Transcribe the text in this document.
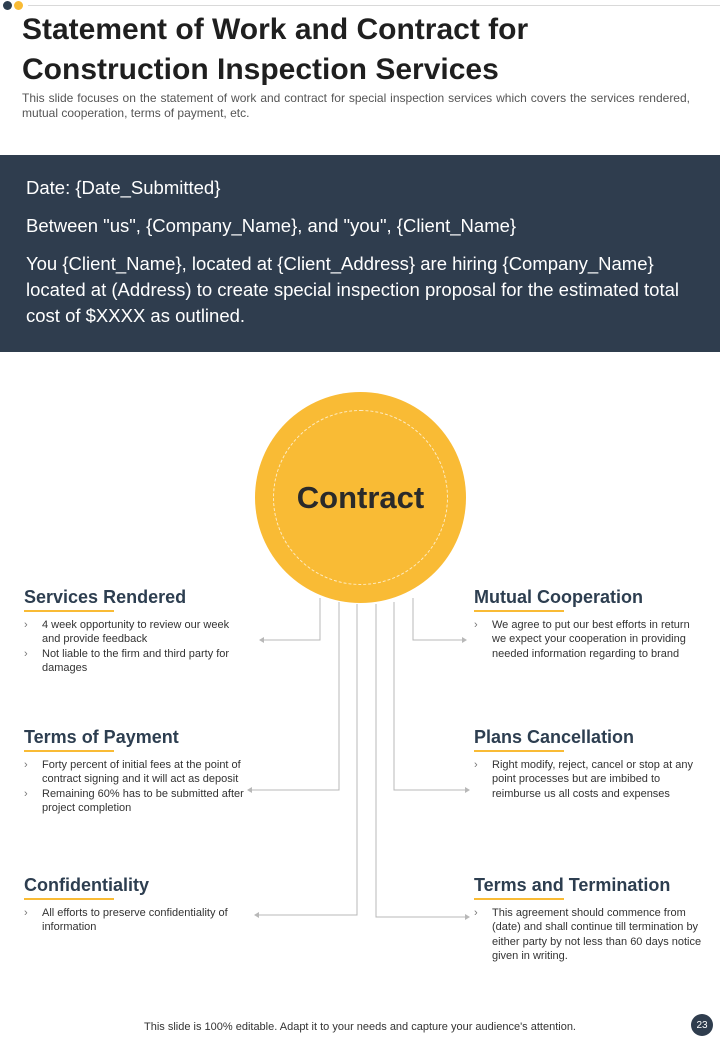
Statement of Work and Contract for Construction Inspection Services

This slide focuses on the statement of work and contract for special inspection services which covers the services rendered, mutual cooperation, terms of payment, etc.

Date: {Date_Submitted}

Between "us", {Company_Name}, and "you", {Client_Name}

You {Client_Name}, located at {Client_Address} are hiring {Company_Name} located at (Address) to create special inspection proposal for the estimated total cost of $XXXX as outlined.

Contract
Services Rendered
› 4 week opportunity to review our week and provide feedback
› Not liable to the firm and third party for damages
Terms of Payment
› Forty percent of initial fees at the point of contract signing and it will act as deposit
› Remaining 60% has to be submitted after project completion
Confidentiality
› All efforts to preserve confidentiality of information
Mutual Cooperation
› We agree to put our best efforts in return we expect your cooperation in providing needed information regarding to brand
Plans Cancellation
› Right modify, reject, cancel or stop at any point processes but are imbibed to reimburse us all costs and expenses
Terms and Termination
› This agreement should commence from (date) and shall continue till termination by either party by not less than 60 days notice given in writing.
This slide is 100% editable. Adapt it to your needs and capture your audience's attention.	23
